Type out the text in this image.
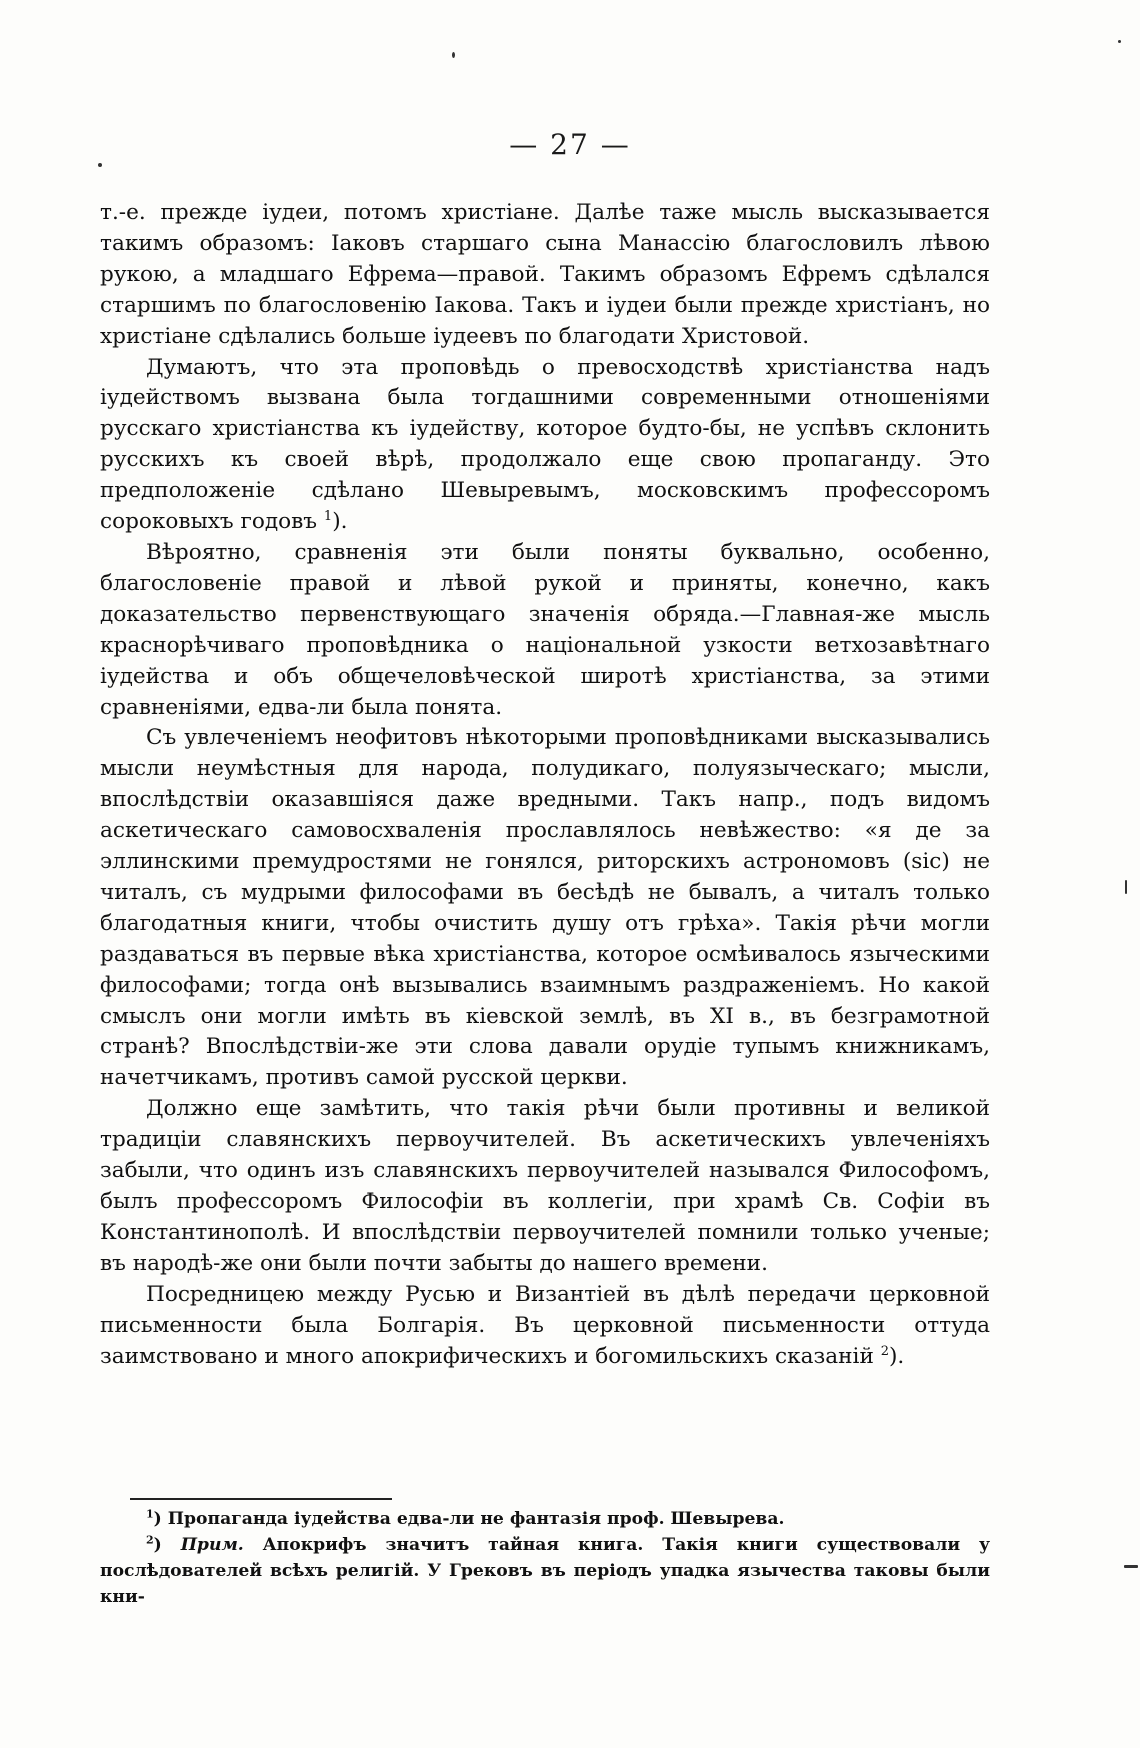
— 27 —

т.-е. прежде іудеи, потомъ христіане. Далѣе таже мысль высказывается такимъ образомъ: Іаковъ старшаго сына Манассію благословилъ лѣвою рукою, а младшаго Ефрема—правой. Такимъ образомъ Ефремъ сдѣлался старшимъ по благословенію Іакова. Такъ и іудеи были прежде христіанъ, но христіане сдѣлались больше іудеевъ по благодати Христовой.

Думаютъ, что эта проповѣдь о превосходствѣ христіанства надъ іудействомъ вызвана была тогдашними современными отношеніями русскаго христіанства къ іудейству, которое будто-бы, не успѣвъ склонить русскихъ къ своей вѣрѣ, продолжало еще свою пропаганду. Это предположеніе сдѣлано Шевыревымъ, московскимъ профессоромъ сороковыхъ годовъ $^1$).

Вѣроятно, сравненія эти были поняты буквально, особенно, благословеніе правой и лѣвой рукой и приняты, конечно, какъ доказательство первенствующаго значенія обряда.—Главная-же мысль краснорѣчиваго проповѣдника о національной узкости ветхозавѣтнаго іудейства и объ общечеловѣческой широтѣ христіанства, за этими сравненіями, едва-ли была понята.

Съ увлеченіемъ неофитовъ нѣкоторыми проповѣдниками высказывались мысли неумѣстныя для народа, полудикаго, полуязыческаго; мысли, впослѣдствіи оказавшіяся даже вредными. Такъ напр., подъ видомъ аскетическаго самовосхваленія прославлялось невѣжество: «я де за эллинскими премудростями не гонялся, риторскихъ астрономовъ (sic) не читалъ, съ мудрыми философами въ бесѣдѣ не бывалъ, а читалъ только благодатныя книги, чтобы очистить душу отъ грѣха». Такія рѣчи могли раздаваться въ первые вѣка христіанства, которое осмѣивалось языческими философами; тогда онѣ вызывались взаимнымъ раздраженіемъ. Но какой смыслъ они могли имѣть въ кіевской землѣ, въ XI в., въ безграмотной странѣ? Впослѣдствіи-же эти слова давали орудіе тупымъ книжникамъ, начетчикамъ, противъ самой русской церкви.

Должно еще замѣтить, что такія рѣчи были противны и великой традиціи славянскихъ первоучителей. Въ аскетическихъ увлеченіяхъ забыли, что одинъ изъ славянскихъ первоучителей назывался Философомъ, былъ профессоромъ Философіи въ коллегіи, при храмѣ Св. Софіи въ Константинополѣ. И впослѣдствіи первоучителей помнили только ученые; въ народѣ-же они были почти забыты до нашего времени.

Посредницею между Русью и Византіей въ дѣлѣ передачи церковной письменности была Болгарія. Въ церковной письменности оттуда заимствовано и много апокрифическихъ и богомильскихъ сказаній $^2$).

$^1$) Пропаганда іудейства едва-ли не фантазія проф. Шевырева.

$^2$) Прим. Апокрифъ значитъ тайная книга. Такія книги существовали у послѣдователей всѣхъ религій. У Грековъ въ періодъ упадка язычества таковы были кни-
